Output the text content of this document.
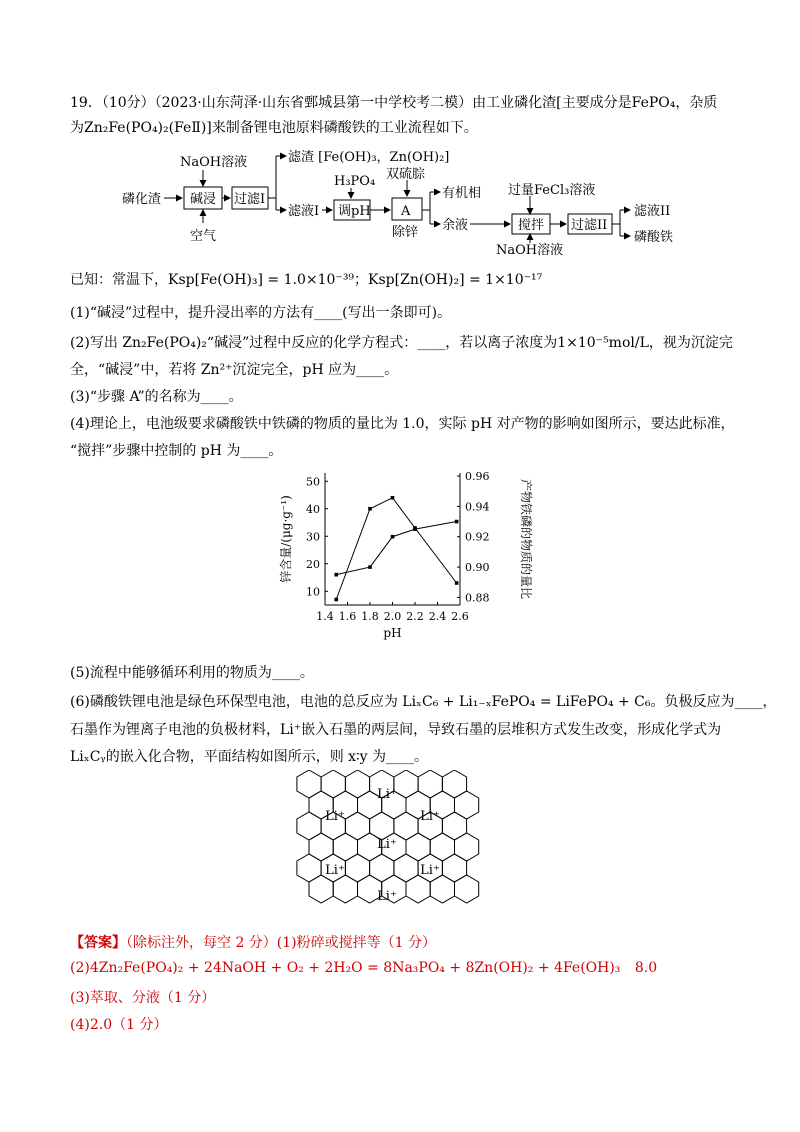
19．（10分）（2023·山东菏泽·山东省鄄城县第一中学校考二模）由工业磷化渣[主要成分是FePO₄，杂质
为Zn₂Fe(PO₄)₂(FeⅡ)]来制备锂电池原料磷酸铁的工业流程如下。
磷化渣
NaOH溶液
碱浸
空气
过滤I
滤渣 [Fe(OH)₃，Zn(OH)₂]
滤液I
H₃PO₄
调pH
双硫腙
A
除锌
有机相
余液
过量FeCl₃溶液
搅拌
NaOH溶液
过滤II
滤液II
磷酸铁
已知：常温下，Ksp[Fe(OH)₃] = 1.0×10⁻³⁹；Ksp[Zn(OH)₂] = 1×10⁻¹⁷
(1)“碱浸”过程中，提升浸出率的方法有____(写出一条即可)。
(2)写出 Zn₂Fe(PO₄)₂“碱浸”过程中反应的化学方程式：____，若以离子浓度为1×10⁻⁵mol/L，视为沉淀完
全，“碱浸”中，若将 Zn²⁺沉淀完全，pH 应为____。
(3)“步骤 A”的名称为____。
(4)理论上，电池级要求磷酸铁中铁磷的物质的量比为 1.0，实际 pH 对产物的影响如图所示，要达此标准，
“搅拌”步骤中控制的 pH 为____。
1.4 1.6 1.8 2.0 2.2 2.4 2.6
10
20
30
40
50
0.88
0.90
0.92
0.94
0.96
pH
锌含量/(μg·g⁻¹)	产物铁磷的物质的量比
(5)流程中能够循环利用的物质为____。
(6)磷酸铁锂电池是绿色环保型电池，电池的总反应为 LiₓC₆ + Li₁₋ₓFePO₄ = LiFePO₄ + C₆。负极反应为____，
石墨作为锂离子电池的负极材料，Li⁺嵌入石墨的两层间，导致石墨的层堆积方式发生改变，形成化学式为
LiₓCᵧ的嵌入化合物，平面结构如图所示，则 x∶y 为____。
Li⁺
Li⁺	Li⁺
Li⁺
Li⁺	Li⁺
Li⁺
【答案】（除标注外，每空 2 分）(1)粉碎或搅拌等（1 分）
(2)4Zn₂Fe(PO₄)₂ + 24NaOH + O₂ + 2H₂O = 8Na₃PO₄ + 8Zn(OH)₂ + 4Fe(OH)₃ 8.0
(3)萃取、分液（1 分）
(4)2.0（1 分）
